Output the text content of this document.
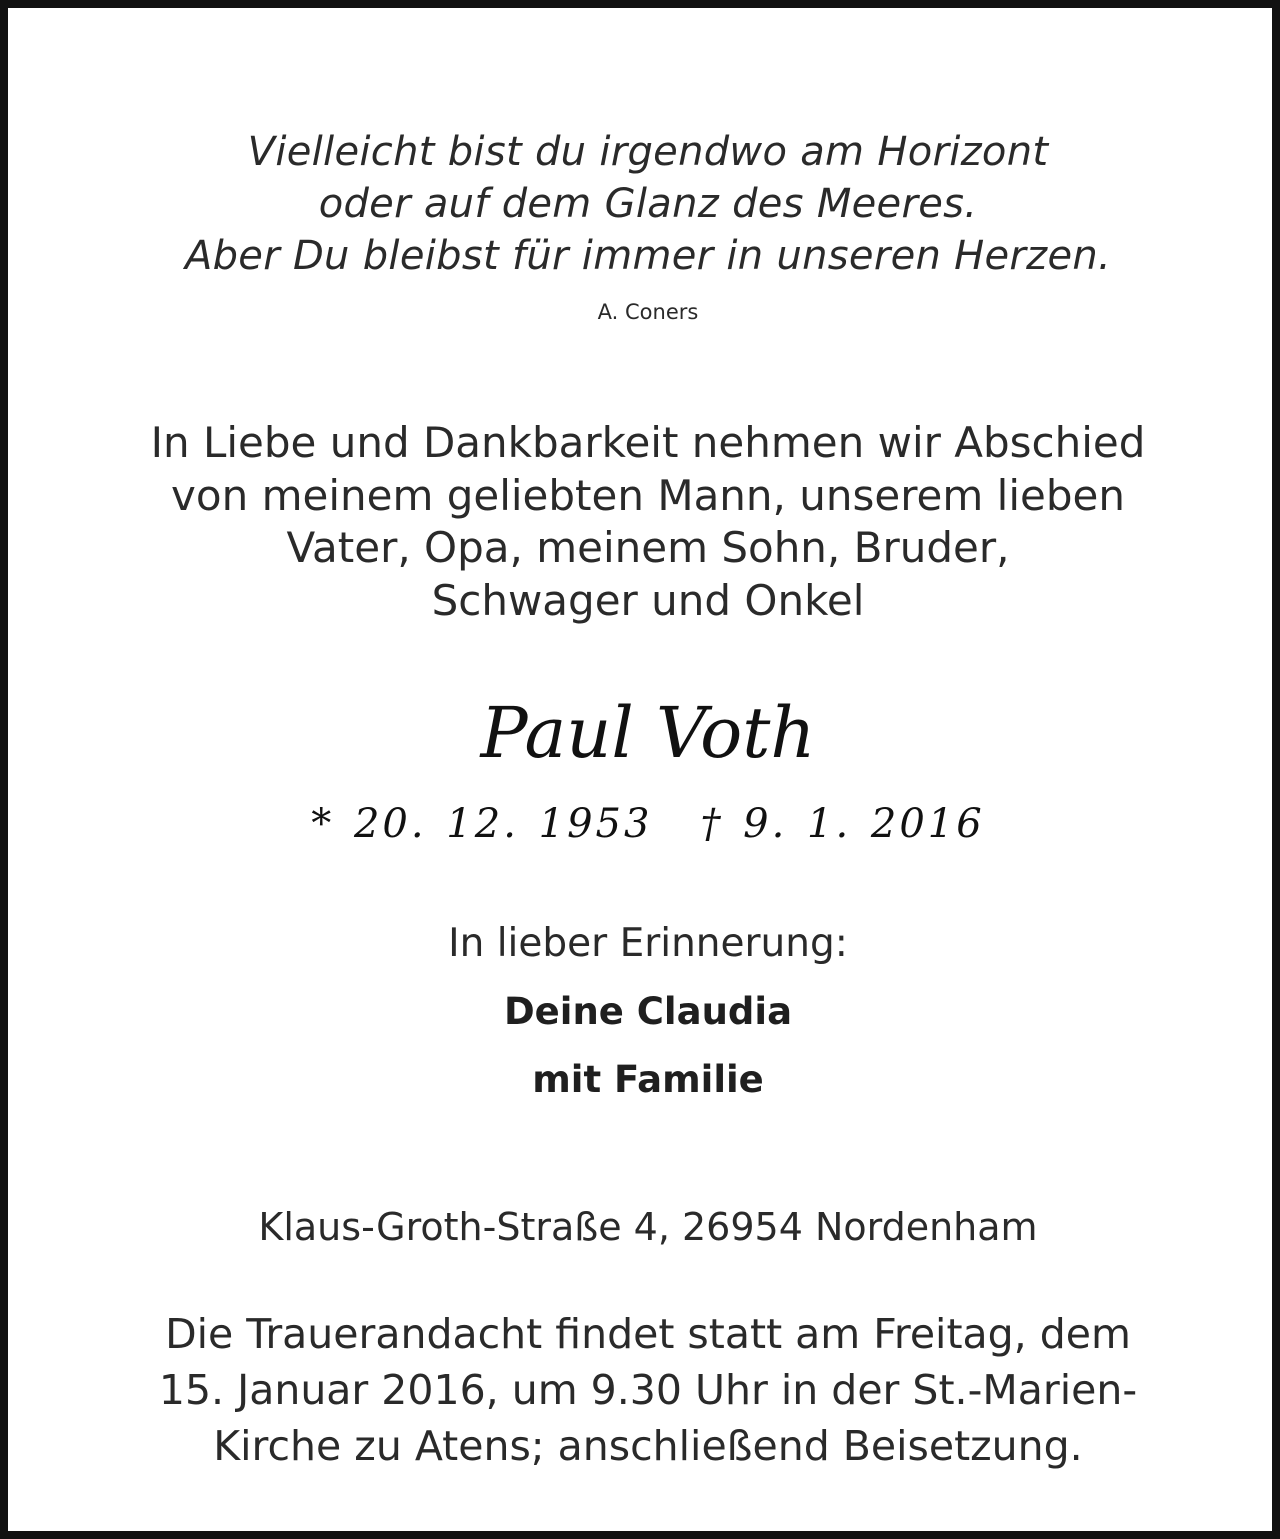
Vielleicht bist du irgendwo am Horizont
oder auf dem Glanz des Meeres.
Aber Du bleibst für immer in unseren Herzen.
A. Coners
In Liebe und Dankbarkeit nehmen wir Abschied
von meinem geliebten Mann, unserem lieben
Vater, Opa, meinem Sohn, Bruder,
Schwager und Onkel
Paul Voth
* 20. 12. 1953 † 9. 1. 2016
In lieber Erinnerung:
Deine Claudia
mit Familie
Klaus-Groth-Straße 4, 26954 Nordenham
Die Trauerandacht findet statt am Freitag, dem
15. Januar 2016, um 9.30 Uhr in der St.-Marien-
Kirche zu Atens; anschließend Beisetzung.
